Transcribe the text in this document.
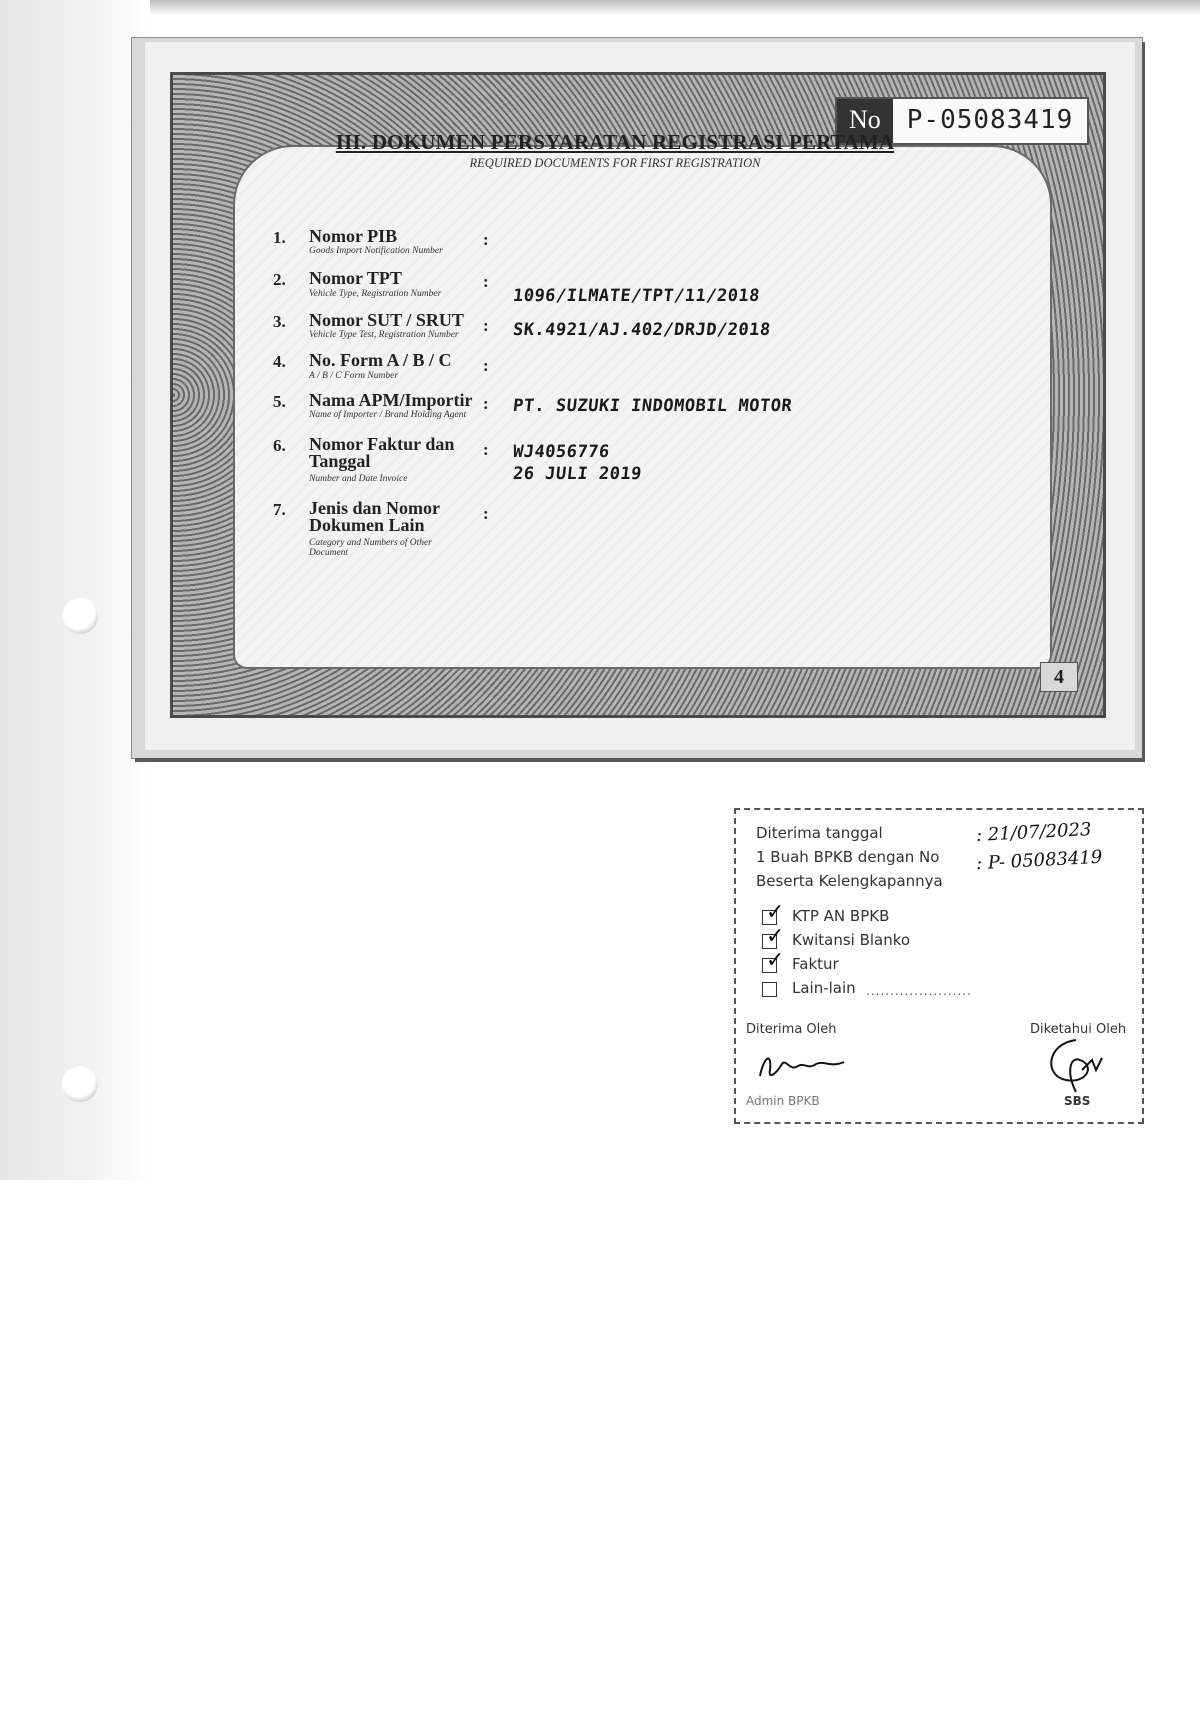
No	P-05083419
III. DOKUMEN PERSYARATAN REGISTRASI PERTAMA
REQUIRED DOCUMENTS FOR FIRST REGISTRATION
1.	Nomor PIB
Goods Import Notification Number
:
2.	Nomor TPT
Vehicle Type, Registration Number
:
1096/ILMATE/TPT/11/2018
3.	Nomor SUT / SRUT
Vehicle Type Test, Registration Number	: SK.4921/AJ.402/DRJD/2018
4.	No. Form A / B / C
A / B / C Form Number
:
5.	Nama APM/Importir
Name of Importer / Brand Holding Agent
: PT. SUZUKI INDOMOBIL MOTOR
6.	Nomor Faktur dan Tanggal
Number and Date Invoice
: WJ4056776
26 JULI 2019
7.	Jenis dan Nomor Dokumen Lain
Category and Numbers of Other Document
:
4
Diterima tanggal	: 21/07/2023
1 Buah BPKB dengan No : P- 05083419
Beserta Kelengkapannya
✓ KTP AN BPKB
✓ Kwitansi Blanko
✓ Faktur
Lain-lain ......................
Diterima Oleh	Diketahui Oleh
Admin BPKB	SBS
